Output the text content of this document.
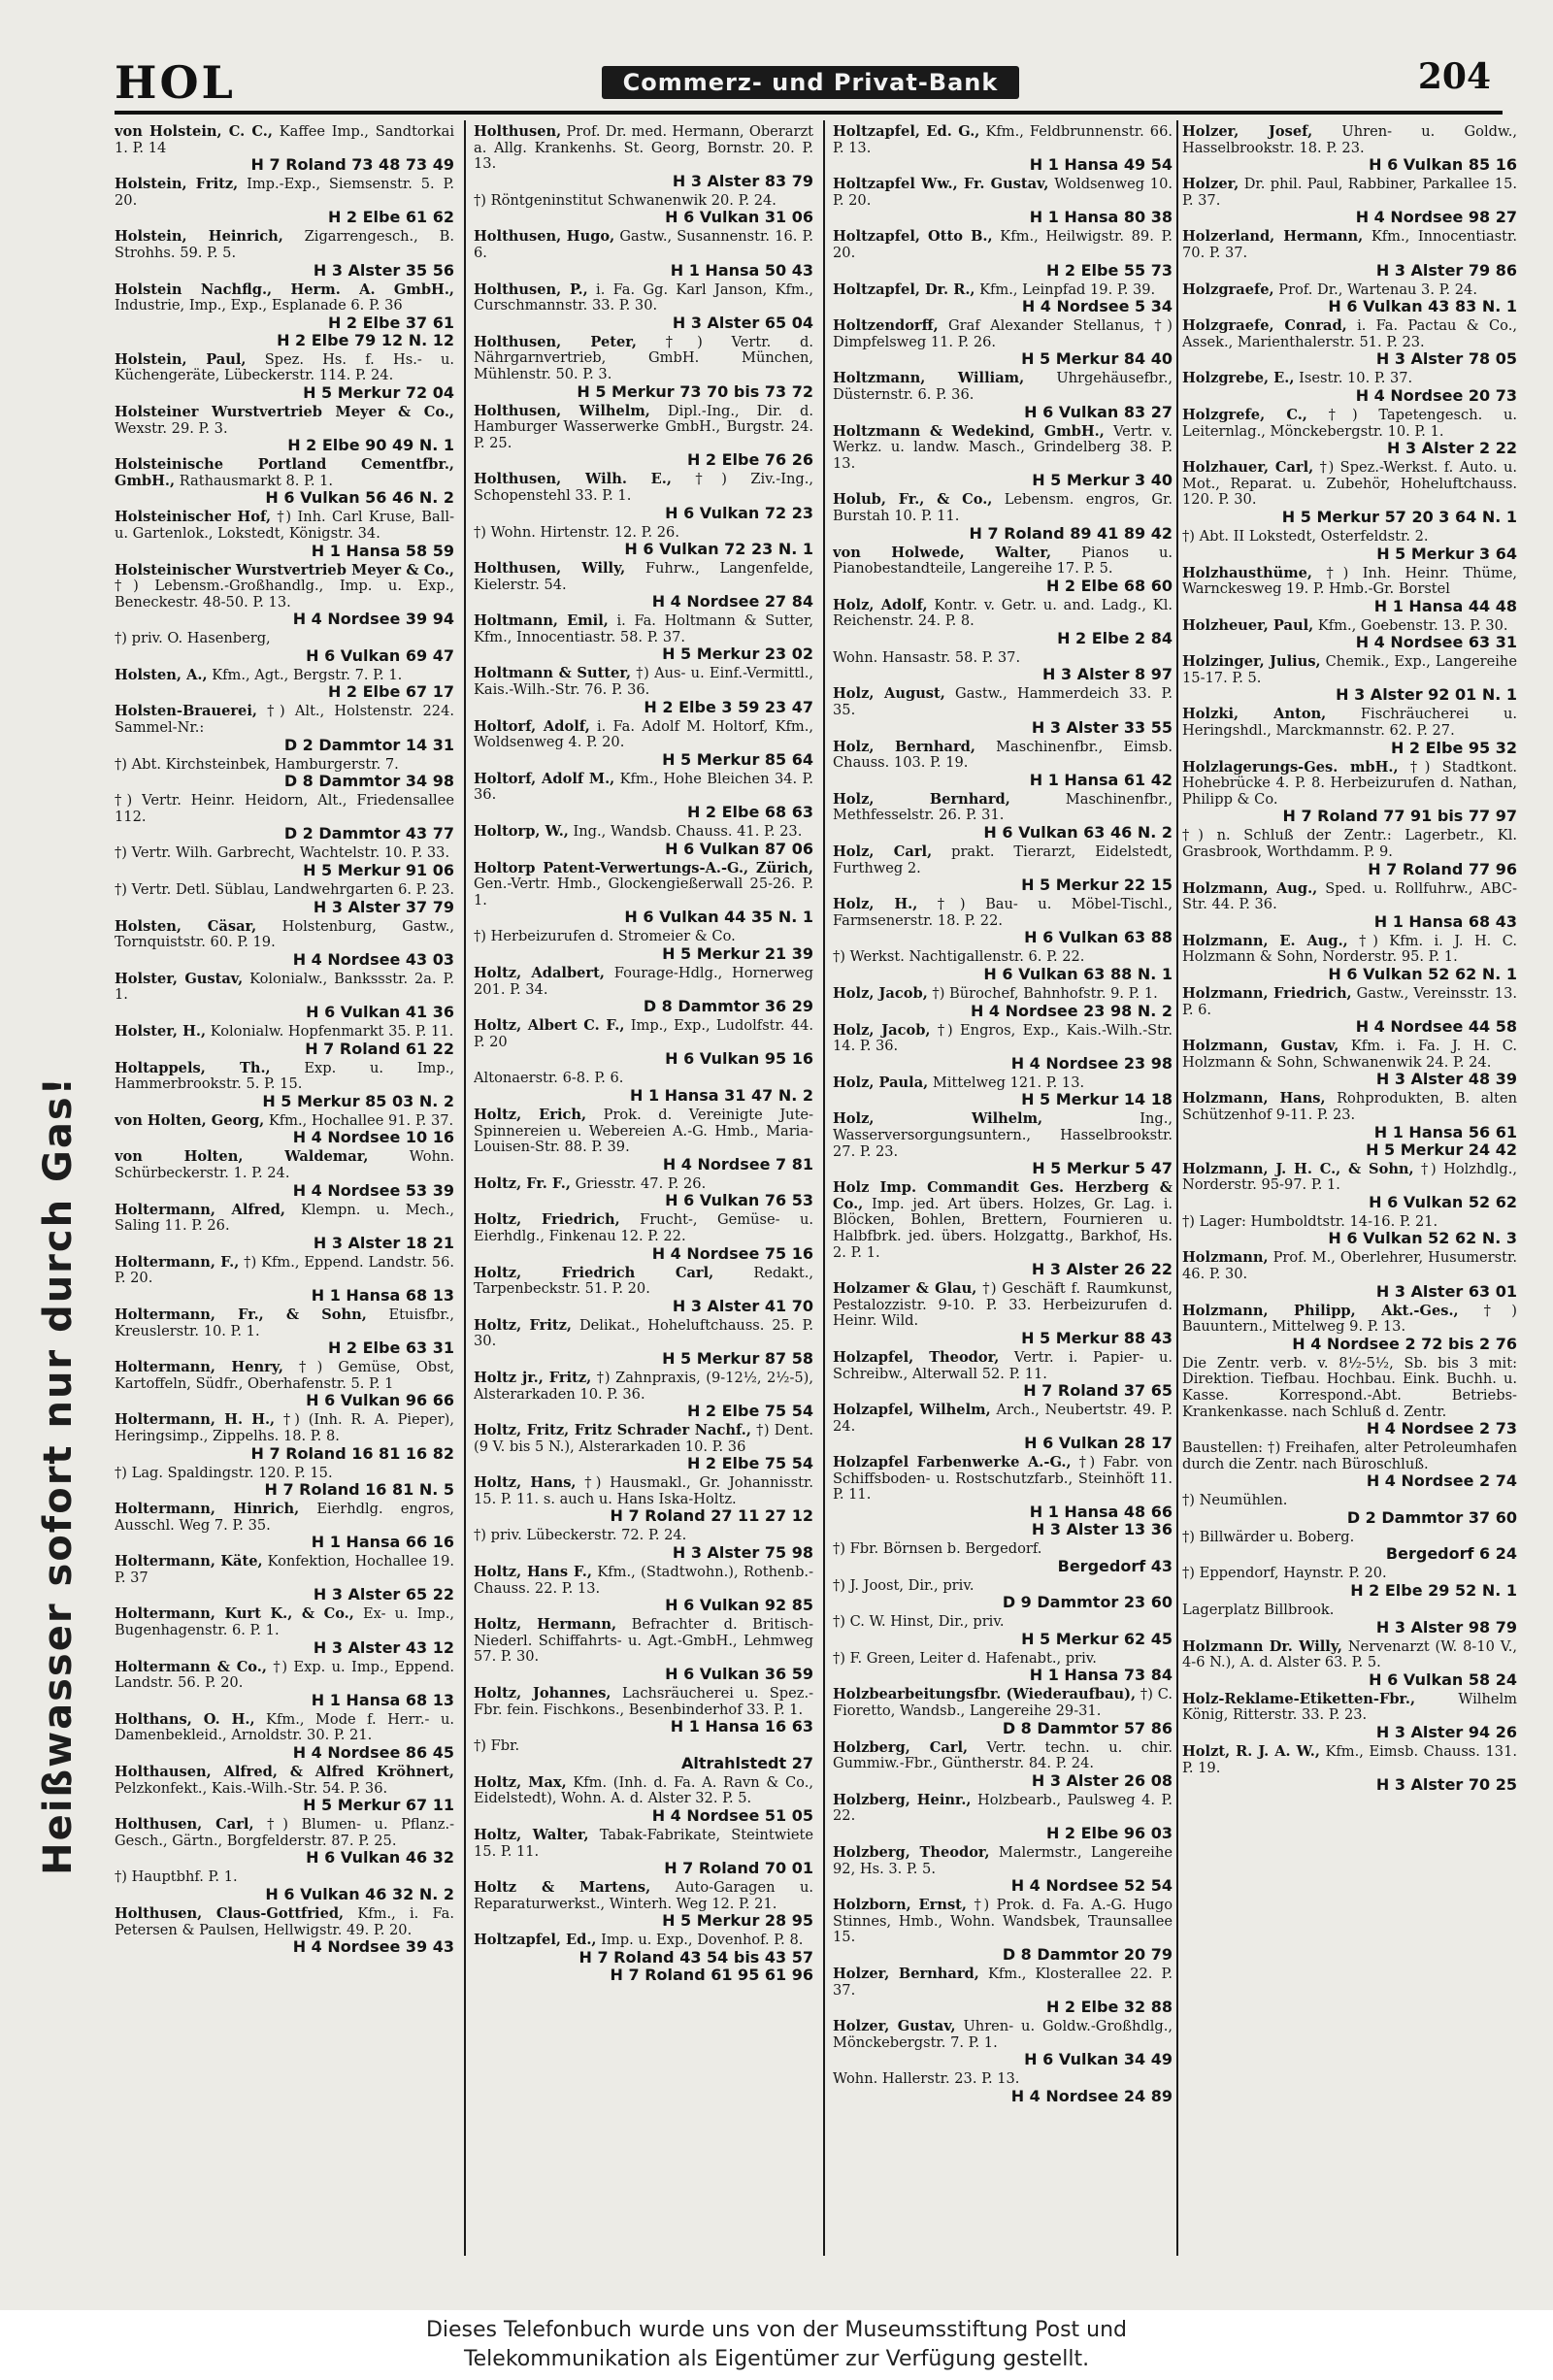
HOL	Commerz- und Privat-Bank	204
Heißwasser sofort nur durch Gas!
von Holstein, C. C., Kaffee Imp., Sandtorkai 1. P. 14
H 7 Roland 73 48 73 49
Holstein, Fritz, Imp.-Exp., Siemsenstr. 5. P. 20.
H 2 Elbe 61 62
Holstein, Heinrich, Zigarrengesch., B. Strohhs. 59. P. 5.
H 3 Alster 35 56
Holstein Nachflg., Herm. A. GmbH., Industrie, Imp., Exp., Esplanade 6. P. 36
H 2 Elbe 37 61
H 2 Elbe 79 12 N. 12
Holstein, Paul, Spez. Hs. f. Hs.- u. Küchengeräte, Lübeckerstr. 114. P. 24.
H 5 Merkur 72 04
Holsteiner Wurstvertrieb Meyer & Co., Wexstr. 29. P. 3.
H 2 Elbe 90 49 N. 1
Holsteinische Portland Cementfbr., GmbH., Rathausmarkt 8. P. 1.
H 6 Vulkan 56 46 N. 2
Holsteinischer Hof, †) Inh. Carl Kruse, Ball- u. Gartenlok., Lokstedt, Königstr. 34.
H 1 Hansa 58 59
Holsteinischer Wurstvertrieb Meyer & Co., †) Lebensm.-Großhandlg., Imp. u. Exp., Beneckestr. 48-50. P. 13.
H 4 Nordsee 39 94
†) priv. O. Hasenberg,
H 6 Vulkan 69 47
Holsten, A., Kfm., Agt., Bergstr. 7. P. 1.
H 2 Elbe 67 17
Holsten-Brauerei, †) Alt., Holstenstr. 224. Sammel-Nr.:
D 2 Dammtor 14 31
†) Abt. Kirchsteinbek, Hamburgerstr. 7.
D 8 Dammtor 34 98
†) Vertr. Heinr. Heidorn, Alt., Friedensallee 112.
D 2 Dammtor 43 77
†) Vertr. Wilh. Garbrecht, Wachtelstr. 10. P. 33.
H 5 Merkur 91 06
†) Vertr. Detl. Süblau, Landwehrgarten 6. P. 23.
H 3 Alster 37 79
Holsten, Cäsar, Holstenburg, Gastw., Tornquiststr. 60. P. 19.
H 4 Nordsee 43 03
Holster, Gustav, Kolonialw., Bankssstr. 2a. P. 1.
H 6 Vulkan 41 36
Holster, H., Kolonialw. Hopfenmarkt 35. P. 11.
H 7 Roland 61 22
Holtappels, Th., Exp. u. Imp., Hammerbrookstr. 5. P. 15.
H 5 Merkur 85 03 N. 2
von Holten, Georg, Kfm., Hochallee 91. P. 37.
H 4 Nordsee 10 16
von Holten, Waldemar,	Wohn. Schürbeckerstr. 1. P. 24.
H 4 Nordsee 53 39
Holtermann, Alfred, Klempn. u. Mech., Saling 11. P. 26.
H 3 Alster 18 21
Holtermann, F., †) Kfm., Eppend. Landstr. 56. P. 20.
H 1 Hansa 68 13
Holtermann, Fr., & Sohn, Etuisfbr., Kreuslerstr. 10. P. 1.
H 2 Elbe 63 31
Holtermann, Henry, †) Gemüse, Obst, Kartoffeln, Südfr., Oberhafenstr. 5. P. 1
H 6 Vulkan 96 66
Holtermann, H. H., †) (Inh. R. A. Pieper), Heringsimp., Zippelhs. 18. P. 8.
H 7 Roland 16 81 16 82
†) Lag. Spaldingstr. 120. P. 15.
H 7 Roland 16 81 N. 5
Holtermann, Hinrich, Eierhdlg. engros, Ausschl. Weg 7. P. 35.
H 1 Hansa 66 16
Holtermann, Käte, Konfektion, Hochallee 19. P. 37
H 3 Alster 65 22
Holtermann, Kurt K., & Co., Ex- u. Imp., Bugenhagenstr. 6. P. 1.
H 3 Alster 43 12
Holtermann & Co., †) Exp. u. Imp., Eppend. Landstr. 56. P. 20.
H 1 Hansa 68 13
Holthans, O. H., Kfm., Mode f. Herr.- u. Damenbekleid., Arnoldstr. 30. P. 21.
H 4 Nordsee 86 45
Holthausen, Alfred, & Alfred Kröhnert, Pelzkonfekt., Kais.-Wilh.-Str. 54. P. 36.
H 5 Merkur 67 11
Holthusen, Carl, †) Blumen- u. Pflanz.-Gesch., Gärtn., Borgfelderstr. 87. P. 25.
H 6 Vulkan 46 32
†) Hauptbhf. P. 1.
H 6 Vulkan 46 32 N. 2
Holthusen, Claus-Gottfried, Kfm., i. Fa. Petersen & Paulsen, Hellwigstr. 49. P. 20.
H 4 Nordsee 39 43
Holthusen, Prof. Dr. med. Hermann, Oberarzt a. Allg. Krankenhs. St. Georg, Bornstr. 20. P. 13.
H 3 Alster 83 79
†) Röntgeninstitut Schwanenwik 20. P. 24.
H 6 Vulkan 31 06
Holthusen, Hugo, Gastw., Susannenstr. 16. P. 6.
H 1 Hansa 50 43
Holthusen, P., i. Fa. Gg. Karl Janson, Kfm., Curschmannstr. 33. P. 30.
H 3 Alster 65 04
Holthusen, Peter, †) Vertr. d. Nährgarnvertrieb, GmbH. München, Mühlenstr. 50. P. 3.
H 5 Merkur 73 70 bis 73 72
Holthusen, Wilhelm, Dipl.-Ing., Dir. d. Hamburger Wasserwerke GmbH., Burgstr. 24. P. 25.
H 2 Elbe 76 26
Holthusen, Wilh. E., †) Ziv.-Ing., Schopenstehl 33. P. 1.
H 6 Vulkan 72 23
†) Wohn. Hirtenstr. 12. P. 26.
H 6 Vulkan 72 23 N. 1
Holthusen, Willy, Fuhrw., Langenfelde, Kielerstr. 54.
H 4 Nordsee 27 84
Holtmann, Emil, i. Fa. Holtmann & Sutter, Kfm., Innocentiastr. 58. P. 37.
H 5 Merkur 23 02
Holtmann & Sutter, †) Aus- u. Einf.-Vermittl., Kais.-Wilh.-Str. 76. P. 36.
H 2 Elbe 3 59 23 47
Holtorf, Adolf, i. Fa. Adolf M. Holtorf, Kfm., Woldsenweg 4. P. 20.
H 5 Merkur 85 64
Holtorf, Adolf M., Kfm., Hohe Bleichen 34. P. 36.
H 2 Elbe 68 63
Holtorp, W., Ing., Wandsb. Chauss. 41. P. 23.
H 6 Vulkan 87 06
Holtorp Patent-Verwertungs-A.-G., Zürich, Gen.-Vertr. Hmb., Glockengießerwall 25-26. P. 1.
H 6 Vulkan 44 35 N. 1
†) Herbeizurufen d. Stromeier & Co.
H 5 Merkur 21 39
Holtz, Adalbert, Fourage-Hdlg., Hornerweg 201. P. 34.
D 8 Dammtor 36 29
Holtz, Albert C. F., Imp., Exp., Ludolfstr. 44. P. 20
H 6 Vulkan 95 16
Altonaerstr. 6-8. P. 6.
H 1 Hansa 31 47 N. 2
Holtz, Erich, Prok. d. Vereinigte Jute-Spinnereien u. Webereien A.-G. Hmb., Maria-Louisen-Str. 88. P. 39.
H 4 Nordsee 7 81
Holtz, Fr. F., Griesstr. 47. P. 26.
H 6 Vulkan 76 53
Holtz, Friedrich, Frucht-, Gemüse- u. Eierhdlg., Finkenau 12. P. 22.
H 4 Nordsee 75 16
Holtz, Friedrich Carl,	Redakt., Tarpenbeckstr. 51. P. 20.
H 3 Alster 41 70
Holtz, Fritz, Delikat., Hoheluftchauss. 25. P. 30.
H 5 Merkur 87 58
Holtz jr., Fritz, †) Zahnpraxis, (9-12½, 2½-5), Alsterarkaden 10. P. 36.
H 2 Elbe 75 54
Holtz, Fritz, Fritz Schrader Nachf., †) Dent. (9 V. bis 5 N.), Alsterarkaden 10. P. 36
H 2 Elbe 75 54
Holtz, Hans, †) Hausmakl., Gr. Johannisstr. 15. P. 11. s. auch u. Hans Iska-Holtz.
H 7 Roland 27 11 27 12
†) priv. Lübeckerstr. 72. P. 24.
H 3 Alster 75 98
Holtz, Hans F., Kfm., (Stadtwohn.), Rothenb.-Chauss. 22. P. 13.
H 6 Vulkan 92 85
Holtz, Hermann, Befrachter d. Britisch-Niederl. Schiffahrts- u. Agt.-GmbH., Lehmweg 57. P. 30.
H 6 Vulkan 36 59
Holtz, Johannes, Lachsräucherei u. Spez.-Fbr. fein. Fischkons., Besenbinderhof 33. P. 1.
H 1 Hansa 16 63
†) Fbr.
Altrahlstedt 27
Holtz, Max, Kfm. (Inh. d. Fa. A. Ravn & Co., Eidelstedt), Wohn. A. d. Alster 32. P. 5.
H 4 Nordsee 51 05
Holtz, Walter, Tabak-Fabrikate, Steintwiete 15. P. 11.
H 7 Roland 70 01
Holtz & Martens, Auto-Garagen u. Reparaturwerkst., Winterh. Weg 12. P. 21.
H 5 Merkur 28 95
Holtzapfel, Ed., Imp. u. Exp., Dovenhof. P. 8.
H 7 Roland 43 54 bis 43 57
H 7 Roland 61 95 61 96
Holtzapfel, Ed. G., Kfm., Feldbrunnenstr. 66. P. 13.
H 1 Hansa 49 54
Holtzapfel Ww., Fr. Gustav, Woldsenweg 10. P. 20.
H 1 Hansa 80 38
Holtzapfel, Otto B., Kfm., Heilwigstr. 89. P. 20.
H 2 Elbe 55 73
Holtzapfel, Dr. R., Kfm., Leinpfad 19. P. 39.
H 4 Nordsee 5 34
Holtzendorff, Graf Alexander Stellanus, †) Dimpfelsweg 11. P. 26.
H 5 Merkur 84 40
Holtzmann, William, Uhrgehäusefbr., Düsternstr. 6. P. 36.
H 6 Vulkan 83 27
Holtzmann & Wedekind, GmbH., Vertr. v. Werkz. u. landw. Masch., Grindelberg 38. P. 13.
H 5 Merkur 3 40
Holub, Fr., & Co., Lebensm. engros, Gr. Burstah 10. P. 11.
H 7 Roland 89 41 89 42
von Holwede, Walter, Pianos u. Pianobestandteile, Langereihe 17. P. 5.
H 2 Elbe 68 60
Holz, Adolf, Kontr. v. Getr. u. and. Ladg., Kl. Reichenstr. 24. P. 8.
H 2 Elbe 2 84
Wohn. Hansastr. 58. P. 37.
H 3 Alster 8 97
Holz, August, Gastw., Hammerdeich 33. P. 35.
H 3 Alster 33 55
Holz, Bernhard, Maschinenfbr., Eimsb. Chauss. 103. P. 19.
H 1 Hansa 61 42
Holz, Bernhard,	Maschinenfbr., Methfesselstr. 26. P. 31.
H 6 Vulkan 63 46 N. 2
Holz, Carl, prakt. Tierarzt, Eidelstedt, Furthweg 2.
H 5 Merkur 22 15
Holz, H., †) Bau- u. Möbel-Tischl., Farmsenerstr. 18. P. 22.
H 6 Vulkan 63 88
†) Werkst. Nachtigallenstr. 6. P. 22.
H 6 Vulkan 63 88 N. 1
Holz, Jacob, †) Bürochef, Bahnhofstr. 9. P. 1.
H 4 Nordsee 23 98 N. 2
Holz, Jacob, †) Engros, Exp., Kais.-Wilh.-Str. 14. P. 36.
H 4 Nordsee 23 98
Holz, Paula, Mittelweg 121. P. 13.
H 5 Merkur 14 18
Holz, Wilhelm,	Ing., Wasserversorgungsuntern., Hasselbrookstr. 27. P. 23.
H 5 Merkur 5 47
Holz Imp. Commandit Ges. Herzberg & Co., Imp. jed. Art übers. Holzes, Gr. Lag. i. Blöcken, Bohlen, Brettern, Fournieren u. Halbfbrk. jed. übers. Holzgattg., Barkhof, Hs. 2. P. 1.
H 3 Alster 26 22
Holzamer & Glau, †) Geschäft f. Raumkunst, Pestalozzistr. 9-10. P. 33. Herbeizurufen d. Heinr. Wild.
H 5 Merkur 88 43
Holzapfel, Theodor, Vertr. i. Papier- u. Schreibw., Alterwall 52. P. 11.
H 7 Roland 37 65
Holzapfel, Wilhelm, Arch., Neubertstr. 49. P. 24.
H 6 Vulkan 28 17
Holzapfel Farbenwerke A.-G., †) Fabr. von Schiffsboden- u. Rostschutzfarb., Steinhöft 11. P. 11.
H 1 Hansa 48 66
H 3 Alster 13 36
†) Fbr. Börnsen b. Bergedorf.
Bergedorf 43
†) J. Joost, Dir., priv.
D 9 Dammtor 23 60
†) C. W. Hinst, Dir., priv.
H 5 Merkur 62 45
†) F. Green, Leiter d. Hafenabt., priv.
H 1 Hansa 73 84
Holzbearbeitungsfbr. (Wiederaufbau), †) C. Fioretto, Wandsb., Langereihe 29-31.
D 8 Dammtor 57 86
Holzberg, Carl, Vertr. techn. u. chir. Gummiw.-Fbr., Güntherstr. 84. P. 24.
H 3 Alster 26 08
Holzberg, Heinr., Holzbearb., Paulsweg 4. P. 22.
H 2 Elbe 96 03
Holzberg, Theodor, Malermstr., Langereihe 92, Hs. 3. P. 5.
H 4 Nordsee 52 54
Holzborn, Ernst, †) Prok. d. Fa. A.-G. Hugo Stinnes, Hmb., Wohn. Wandsbek, Traunsallee 15.
D 8 Dammtor 20 79
Holzer, Bernhard, Kfm., Klosterallee 22. P. 37.
H 2 Elbe 32 88
Holzer, Gustav, Uhren- u. Goldw.-Großhdlg., Mönckebergstr. 7. P. 1.
H 6 Vulkan 34 49
Wohn. Hallerstr. 23. P. 13.
H 4 Nordsee 24 89
Holzer, Josef, Uhren- u. Goldw., Hasselbrookstr. 18. P. 23.
H 6 Vulkan 85 16
Holzer, Dr. phil. Paul, Rabbiner, Parkallee 15. P. 37.
H 4 Nordsee 98 27
Holzerland, Hermann, Kfm., Innocentiastr. 70. P. 37.
H 3 Alster 79 86
Holzgraefe, Prof. Dr., Wartenau 3. P. 24.
H 6 Vulkan 43 83 N. 1
Holzgraefe, Conrad, i. Fa. Pactau & Co., Assek., Marienthalerstr. 51. P. 23.
H 3 Alster 78 05
Holzgrebe, E., Isestr. 10. P. 37.
H 4 Nordsee 20 73
Holzgrefe, C., †) Tapetengesch. u. Leiternlag., Mönckebergstr. 10. P. 1.
H 3 Alster 2 22
Holzhauer, Carl, †) Spez.-Werkst. f. Auto. u. Mot., Reparat. u. Zubehör, Hoheluftchauss. 120. P. 30.
H 5 Merkur 57 20 3 64 N. 1
†) Abt. II Lokstedt, Osterfeldstr. 2.
H 5 Merkur 3 64
Holzhausthüme, †) Inh. Heinr. Thüme, Warnckesweg 19. P. Hmb.-Gr. Borstel
H 1 Hansa 44 48
Holzheuer, Paul, Kfm., Goebenstr. 13. P. 30.
H 4 Nordsee 63 31
Holzinger, Julius, Chemik., Exp., Langereihe 15-17. P. 5.
H 3 Alster 92 01 N. 1
Holzki, Anton, Fischräucherei u. Heringshdl., Marckmannstr. 62. P. 27.
H 2 Elbe 95 32
Holzlagerungs-Ges. mbH., †) Stadtkont. Hohebrücke 4. P. 8. Herbeizurufen d. Nathan, Philipp & Co.
H 7 Roland 77 91 bis 77 97
†) n. Schluß der Zentr.: Lagerbetr., Kl. Grasbrook, Worthdamm. P. 9.
H 7 Roland 77 96
Holzmann, Aug., Sped. u. Rollfuhrw., ABC-Str. 44. P. 36.
H 1 Hansa 68 43
Holzmann, E. Aug., †) Kfm. i. J. H. C. Holzmann & Sohn, Norderstr. 95. P. 1.
H 6 Vulkan 52 62 N. 1
Holzmann, Friedrich, Gastw., Vereinsstr. 13. P. 6.
H 4 Nordsee 44 58
Holzmann, Gustav, Kfm. i. Fa. J. H. C. Holzmann & Sohn, Schwanenwik 24. P. 24.
H 3 Alster 48 39
Holzmann, Hans, Rohprodukten, B. alten Schützenhof 9-11. P. 23.
H 1 Hansa 56 61
H 5 Merkur 24 42
Holzmann, J. H. C., & Sohn, †) Holzhdlg., Norderstr. 95-97. P. 1.
H 6 Vulkan 52 62
†) Lager: Humboldtstr. 14-16. P. 21.
H 6 Vulkan 52 62 N. 3
Holzmann, Prof. M., Oberlehrer, Husumerstr. 46. P. 30.
H 3 Alster 63 01
Holzmann, Philipp, Akt.-Ges., †) Bauuntern., Mittelweg 9. P. 13.
H 4 Nordsee 2 72 bis 2 76
Die Zentr. verb. v. 8½-5½, Sb. bis 3 mit: Direktion. Tiefbau. Hochbau. Eink. Buchh. u. Kasse. Korrespond.-Abt. Betriebs-Krankenkasse. nach Schluß d. Zentr.
H 4 Nordsee 2 73
Baustellen: †) Freihafen, alter Petroleumhafen durch die Zentr. nach Büroschluß.
H 4 Nordsee 2 74
†) Neumühlen.
D 2 Dammtor 37 60
†) Billwärder u. Boberg.
Bergedorf 6 24
†) Eppendorf, Haynstr. P. 20.
H 2 Elbe 29 52 N. 1
Lagerplatz Billbrook.
H 3 Alster 98 79
Holzmann Dr. Willy, Nervenarzt (W. 8-10 V., 4-6 N.), A. d. Alster 63. P. 5.
H 6 Vulkan 58 24
Holz-Reklame-Etiketten-Fbr.,	Wilhelm König, Ritterstr. 33. P. 23.
H 3 Alster 94 26
Holzt, R. J. A. W., Kfm., Eimsb. Chauss. 131. P. 19.
H 3 Alster 70 25
Dieses Telefonbuch wurde uns von der Museumsstiftung Post und
Telekommunikation als Eigentümer zur Verfügung gestellt.
